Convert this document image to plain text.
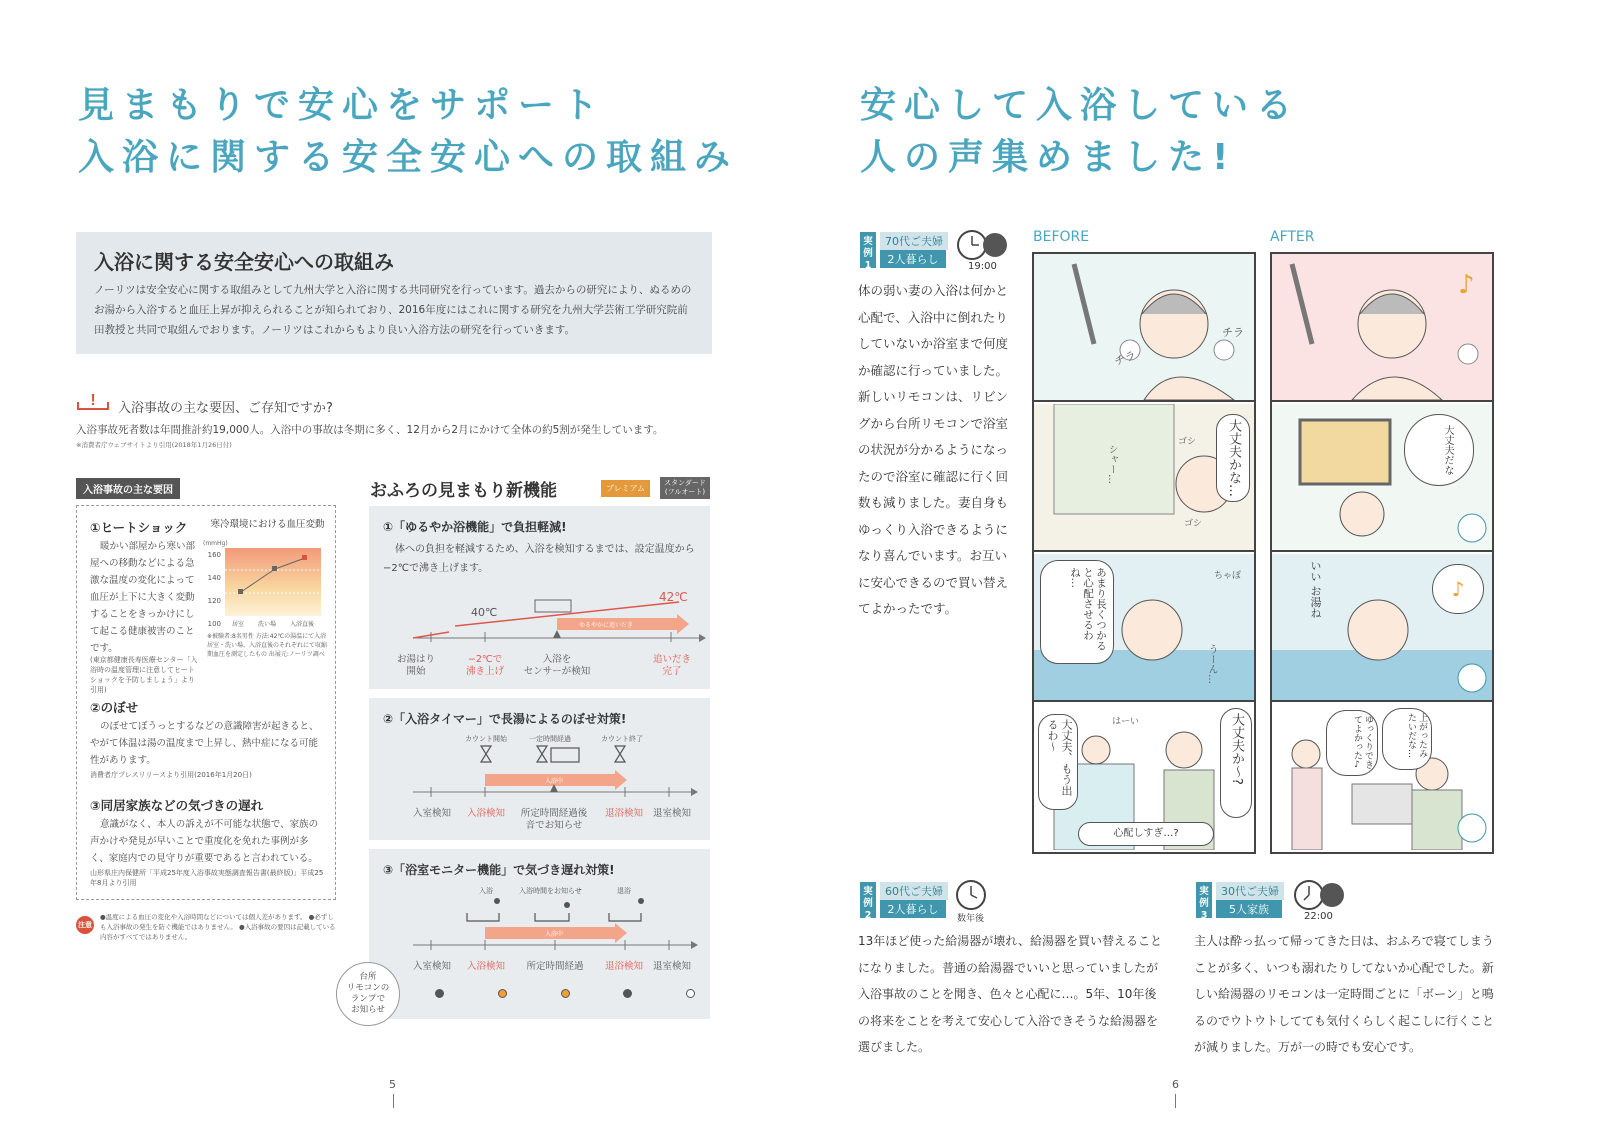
見まもりで安心をサポート
入浴に関する安全安心への取組み
入浴に関する安全安心への取組み
ノーリツは安全安心に関する取組みとして九州大学と入浴に関する共同研究を行っています。過去からの研究により、ぬるめのお湯から入浴すると血圧上昇が抑えられることが知られており、2016年度にはこれに関する研究を九州大学芸術工学研究院前田教授と共同で取組んでおります。ノーリツはこれからもより良い入浴方法の研究を行っていきます。
! 入浴事故の主な要因、ご存知ですか?
入浴事故死者数は年間推計約19,000人。入浴中の事故は冬期に多く、12月から2月にかけて全体の約5割が発生しています。
※消費者庁ウェブサイトより引用(2018年1月26日付)
入浴事故の主な要因
①ヒートショック
暖かい部屋から寒い部屋への移動などによる急激な温度の変化によって血圧が上下に大きく変動することをきっかけにして起こる健康被害のことです。
(東京都健康長寿医療センター「入浴時の温度管理に注意してヒートショックを予防しましょう」より引用)
寒冷環境における血圧変動
(mmHg)
160
140
120
100 居室 洗い場 入浴直後
※被験者:8名男性 方法:42℃の湯温にて入浴 居室・洗い場、入浴直後のそれぞれにて収縮期血圧を測定したもの 出展元:ノーリツ調べ
②のぼせ
のぼせてぼうっとするなどの意識障害が起きると、やがて体温は湯の温度まで上昇し、熱中症になる可能性があります。
消費者庁プレスリリースより引用(2016年1月20日)
③同居家族などの気づきの遅れ
意識がなく、本人の訴えが不可能な状態で、家族の声かけや発見が早いことで重度化を免れた事例が多く、家庭内での見守りが重要であると言われている。
山形県庄内保健所「平成25年度入浴事故実態調査報告書(最終版)」平成25年8月より引用
注意
●温度による血圧の変化や入浴時間などについては個人差があります。 ●必ずしも入浴事故の発生を防ぐ機能ではありません。 ●入浴事故の要因は記載している内容がすべてではありません。
おふろの見まもり新機能	プレミアム
スタンダード(フルオート)
①「ゆるやか浴機能」で負担軽減!
体への負担を軽減するため、入浴を検知するまでは、設定温度から−2℃で沸き上げます。
40℃
42℃
ゆるやかに追いだき
お湯はり
開始
−2℃で
沸き上げ
入浴を
センサーが検知
追いだき
完了
②「入浴タイマー」で長湯によるのぼせ対策!
カウント開始	一定時間経過	カウント終了
入浴中
入室検知	入浴検知	所定時間経過後
音でお知らせ
退浴検知	退室検知
③「浴室モニター機能」で気づき遅れ対策!
入浴	入浴時間をお知らせ	退浴
入浴中
入室検知	入浴検知	所定時間経過	退浴検知	退室検知
台所
リモコンの
ランプで
お知らせ
5
安心して入浴している
人の声集めました!
実例1
70代ご夫婦
2人暮らし
19:00
体の弱い妻の入浴は何かと心配で、入浴中に倒れたりしていないか浴室まで何度か確認に行っていました。新しいリモコンは、リビングから台所リモコンで浴室の状況が分かるようになったので浴室に確認に行く回数も減りました。妻自身もゆっくり入浴できるようになり喜んでいます。お互いに安心できるので買い替えてよかったです。
BEFORE	AFTER
チラ
チラ
シャー…
ゴシ
ゴシ
大丈夫かな…
あまり長くつかると心配させるわね…	ちゃぽ
うーん…
はーい
大丈夫、もう出るわ〜	大丈夫か〜?
心配しすぎ…?
♪
大丈夫だな
いい お湯ね	♪
ゆっくりできてよかった♪	上がったみたいだな…
実例2
60代ご夫婦
2人暮らし
数年後
13年ほど使った給湯器が壊れ、給湯器を買い替えることになりました。普通の給湯器でいいと思っていましたが入浴事故のことを聞き、色々と心配に…。5年、10年後の将来をことを考えて安心して入浴できそうな給湯器を選びました。
実例3
30代ご夫婦
5人家族
22:00
主人は酔っ払って帰ってきた日は、おふろで寝てしまうことが多く、いつも溺れたりしてないか心配でした。新しい給湯器のリモコンは一定時間ごとに「ボーン」と鳴るのでウトウトしてても気付くらしく起こしに行くことが減りました。万が一の時でも安心です。
6
